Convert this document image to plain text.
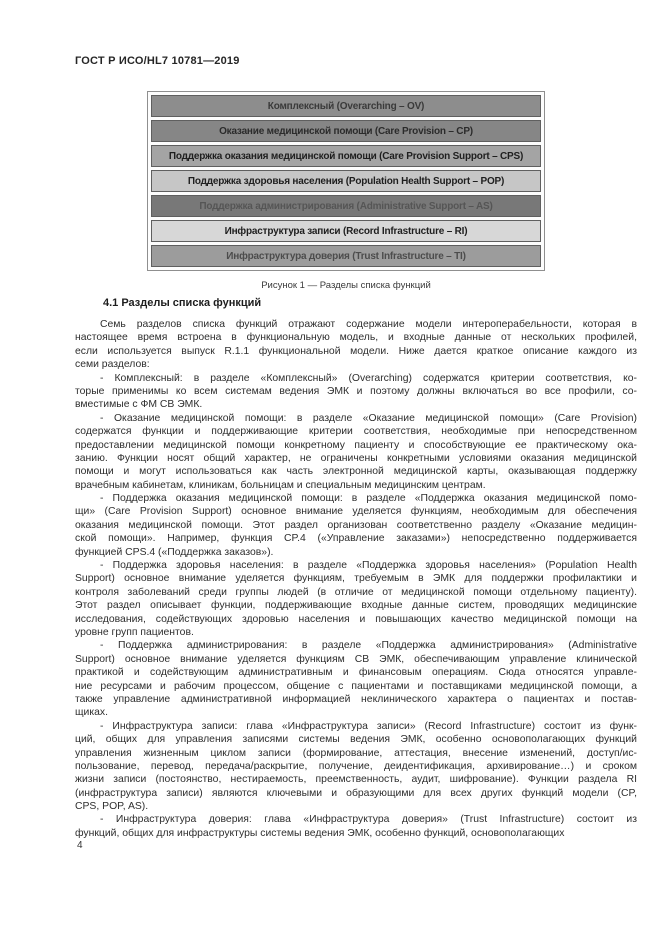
ГОСТ Р ИСО/HL7 10781—2019
Комплексный (Overarching – OV)
Оказание медицинской помощи (Care Provision – CP)
Поддержка оказания медицинской помощи (Care Provision Support – CPS)
Поддержка здоровья населения (Population Health Support – POP)
Поддержка администрирования (Administrative Support – AS)
Инфраструктура записи (Record Infrastructure – RI)
Инфраструктура доверия (Trust Infrastructure – TI)
Рисунок 1 — Разделы списка функций
4.1 Разделы списка функций
Семь разделов списка функций отражают содержание модели интероперабельности, которая в
настоящее время встроена в функциональную модель, и входные данные от нескольких профилей,
если используется выпуск R.1.1 функциональной модели. Ниже дается краткое описание каждого из
семи разделов:
- Комплексный: в разделе «Комплексный» (Overarching) содержатся критерии соответствия, ко-
торые применимы ко всем системам ведения ЭМК и поэтому должны включаться во все профили, со-
вместимые с ФМ СВ ЭМК.
- Оказание медицинской помощи: в разделе «Оказание медицинской помощи» (Care Provision)
содержатся функции и поддерживающие критерии соответствия, необходимые при непосредственном
предоставлении медицинской помощи конкретному пациенту и способствующие ее практическому ока-
занию. Функции носят общий характер, не ограничены конкретными условиями оказания медицинской
помощи и могут использоваться как часть электронной медицинской карты, оказывающая поддержку
врачебным кабинетам, клиникам, больницам и специальным медицинским центрам.
- Поддержка оказания медицинской помощи: в разделе «Поддержка оказания медицинской помо-
щи» (Care Provision Support) основное внимание уделяется функциям, необходимым для обеспечения
оказания медицинской помощи. Этот раздел организован соответственно разделу «Оказание медицин-
ской помощи». Например, функция CP.4 («Управление заказами») непосредственно поддерживается
функцией CPS.4 («Поддержка заказов»).
- Поддержка здоровья населения: в разделе «Поддержка здоровья населения» (Population Health
Support) основное внимание уделяется функциям, требуемым в ЭМК для поддержки профилактики и
контроля заболеваний среди группы людей (в отличие от медицинской помощи отдельному пациенту).
Этот раздел описывает функции, поддерживающие входные данные систем, проводящих медицинские
исследования, содействующих здоровью населения и повышающих качество медицинской помощи на
уровне групп пациентов.
- Поддержка администрирования: в разделе «Поддержка администрирования» (Administrative
Support) основное внимание уделяется функциям СВ ЭМК, обеспечивающим управление клинической
практикой и содействующим административным и финансовым операциям. Сюда относятся управле-
ние ресурсами и рабочим процессом, общение с пациентами и поставщиками медицинской помощи, а
также управление административной информацией неклинического характера о пациентах и постав-
щиках.
- Инфраструктура записи: глава «Инфраструктура записи» (Record Infrastructure) состоит из функ-
ций, общих для управления записями системы ведения ЭМК, особенно основополагающих функций
управления жизненным циклом записи (формирование, аттестация, внесение изменений, доступ/ис-
пользование, перевод, передача/раскрытие, получение, деидентификация, архивирование…) и сроком
жизни записи (постоянство, нестираемость, преемственность, аудит, шифрование). Функции раздела RI
(инфраструктура записи) являются ключевыми и образующими для всех других функций модели (CP,
CPS, POP, AS).
- Инфраструктура доверия: глава «Инфраструктура доверия» (Trust Infrastructure) состоит из
функций, общих для инфраструктуры системы ведения ЭМК, особенно функций, основополагающих
4
